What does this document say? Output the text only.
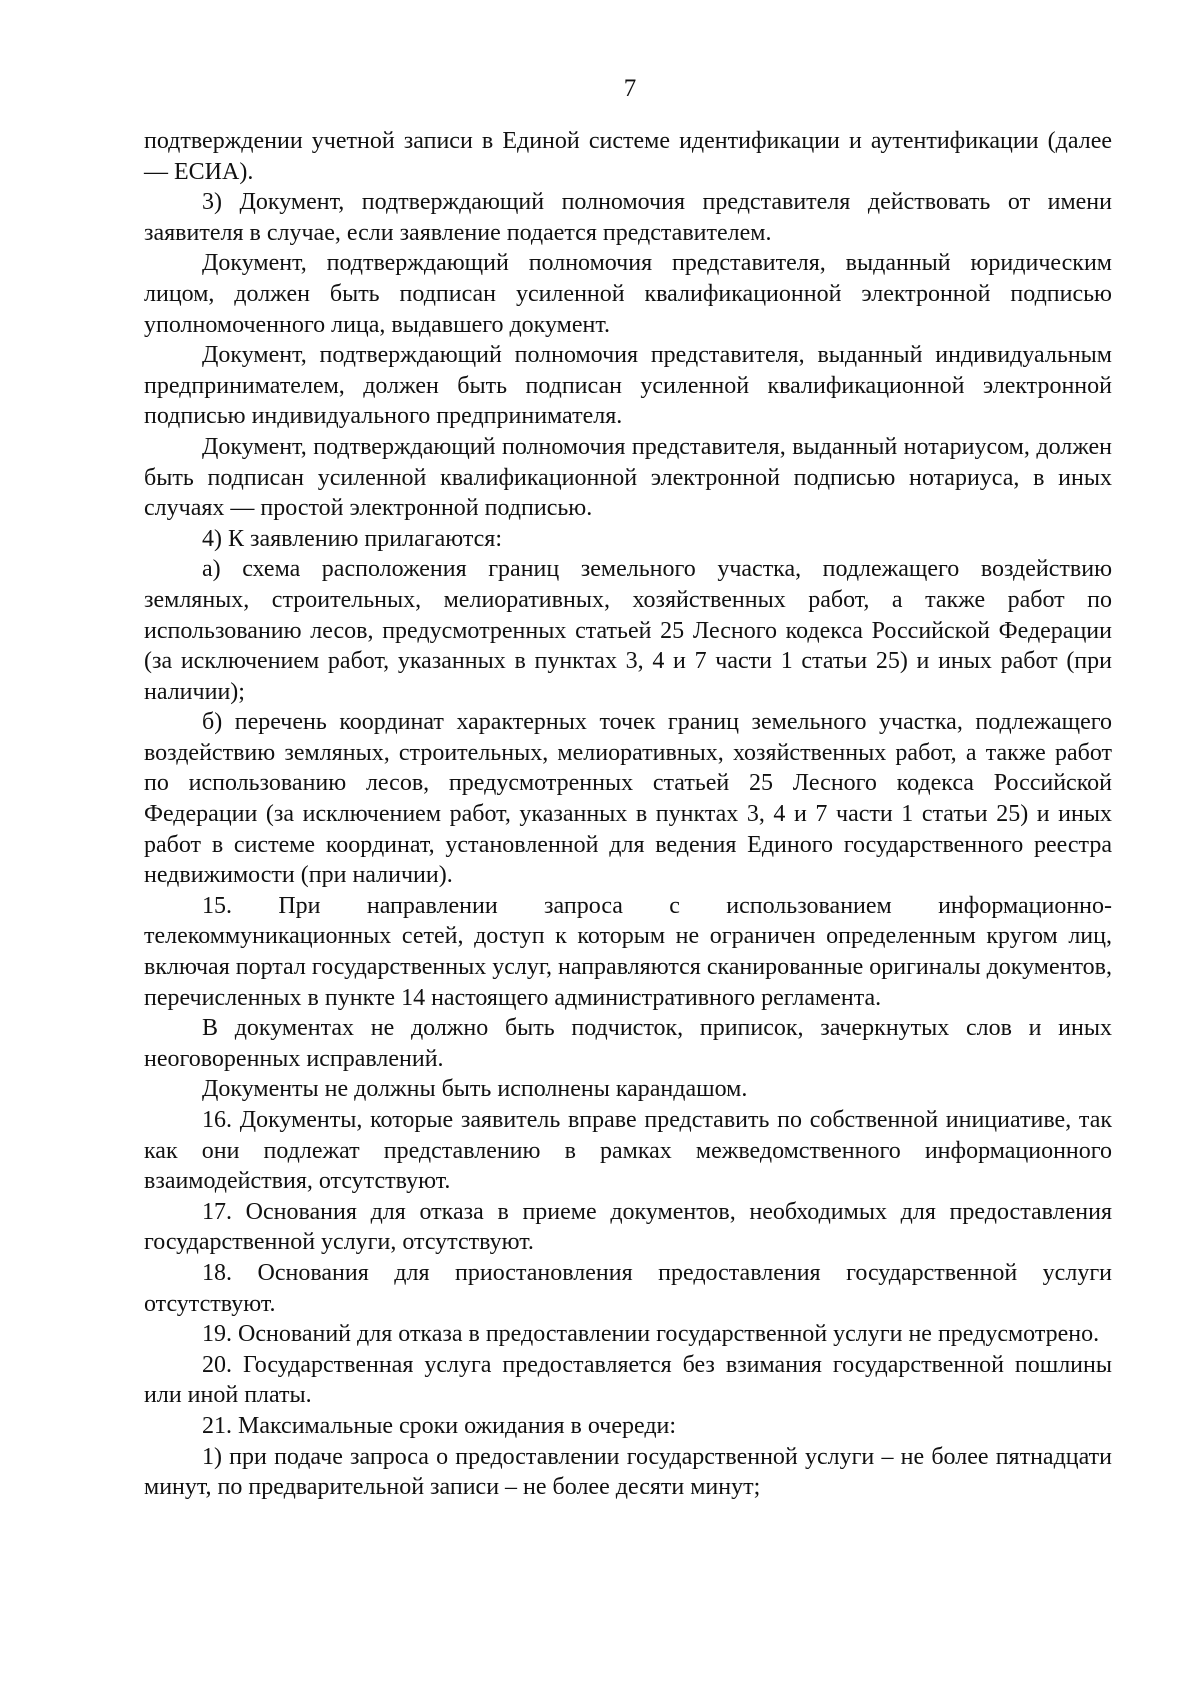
7

подтверждении учетной записи в Единой системе идентификации и аутентификации (далее — ЕСИА).

3) Документ, подтверждающий полномочия представителя действовать от имени заявителя в случае, если заявление подается представителем.

Документ, подтверждающий полномочия представителя, выданный юридическим лицом, должен быть подписан усиленной квалификационной электронной подписью уполномоченного лица, выдавшего документ.

Документ, подтверждающий полномочия представителя, выданный индивидуальным предпринимателем, должен быть подписан усиленной квалификационной электронной подписью индивидуального предпринимателя.

Документ, подтверждающий полномочия представителя, выданный нотариусом, должен быть подписан усиленной квалификационной электронной подписью нотариуса, в иных случаях — простой электронной подписью.

4) К заявлению прилагаются:

а) схема расположения границ земельного участка, подлежащего воздействию земляных, строительных, мелиоративных, хозяйственных работ, а также работ по использованию лесов, предусмотренных статьей 25 Лесного кодекса Российской Федерации (за исключением работ, указанных в пунктах 3, 4 и 7 части 1 статьи 25) и иных работ (при наличии);

б) перечень координат характерных точек границ земельного участка, подлежащего воздействию земляных, строительных, мелиоративных, хозяйственных работ, а также работ по использованию лесов, предусмотренных статьей 25 Лесного кодекса Российской Федерации (за исключением работ, указанных в пунктах 3, 4 и 7 части 1 статьи 25) и иных работ в системе координат, установленной для ведения Единого государственного реестра недвижимости (при наличии).

15. При направлении запроса с использованием информационно-телекоммуникационных сетей, доступ к которым не ограничен определенным кругом лиц, включая портал государственных услуг, направляются сканированные оригиналы документов, перечисленных в пункте 14 настоящего административного регламента.

В документах не должно быть подчисток, приписок, зачеркнутых слов и иных неоговоренных исправлений.

Документы не должны быть исполнены карандашом.

16. Документы, которые заявитель вправе представить по собственной инициативе, так как они подлежат представлению в рамках межведомственного информационного взаимодействия, отсутствуют.

17. Основания для отказа в приеме документов, необходимых для предоставления государственной услуги, отсутствуют.

18. Основания для приостановления предоставления государственной услуги отсутствуют.

19. Оснований для отказа в предоставлении государственной услуги не предусмотрено.

20. Государственная услуга предоставляется без взимания государственной пошлины или иной платы.

21. Максимальные сроки ожидания в очереди:

1) при подаче запроса о предоставлении государственной услуги – не более пятнадцати минут, по предварительной записи – не более десяти минут;
